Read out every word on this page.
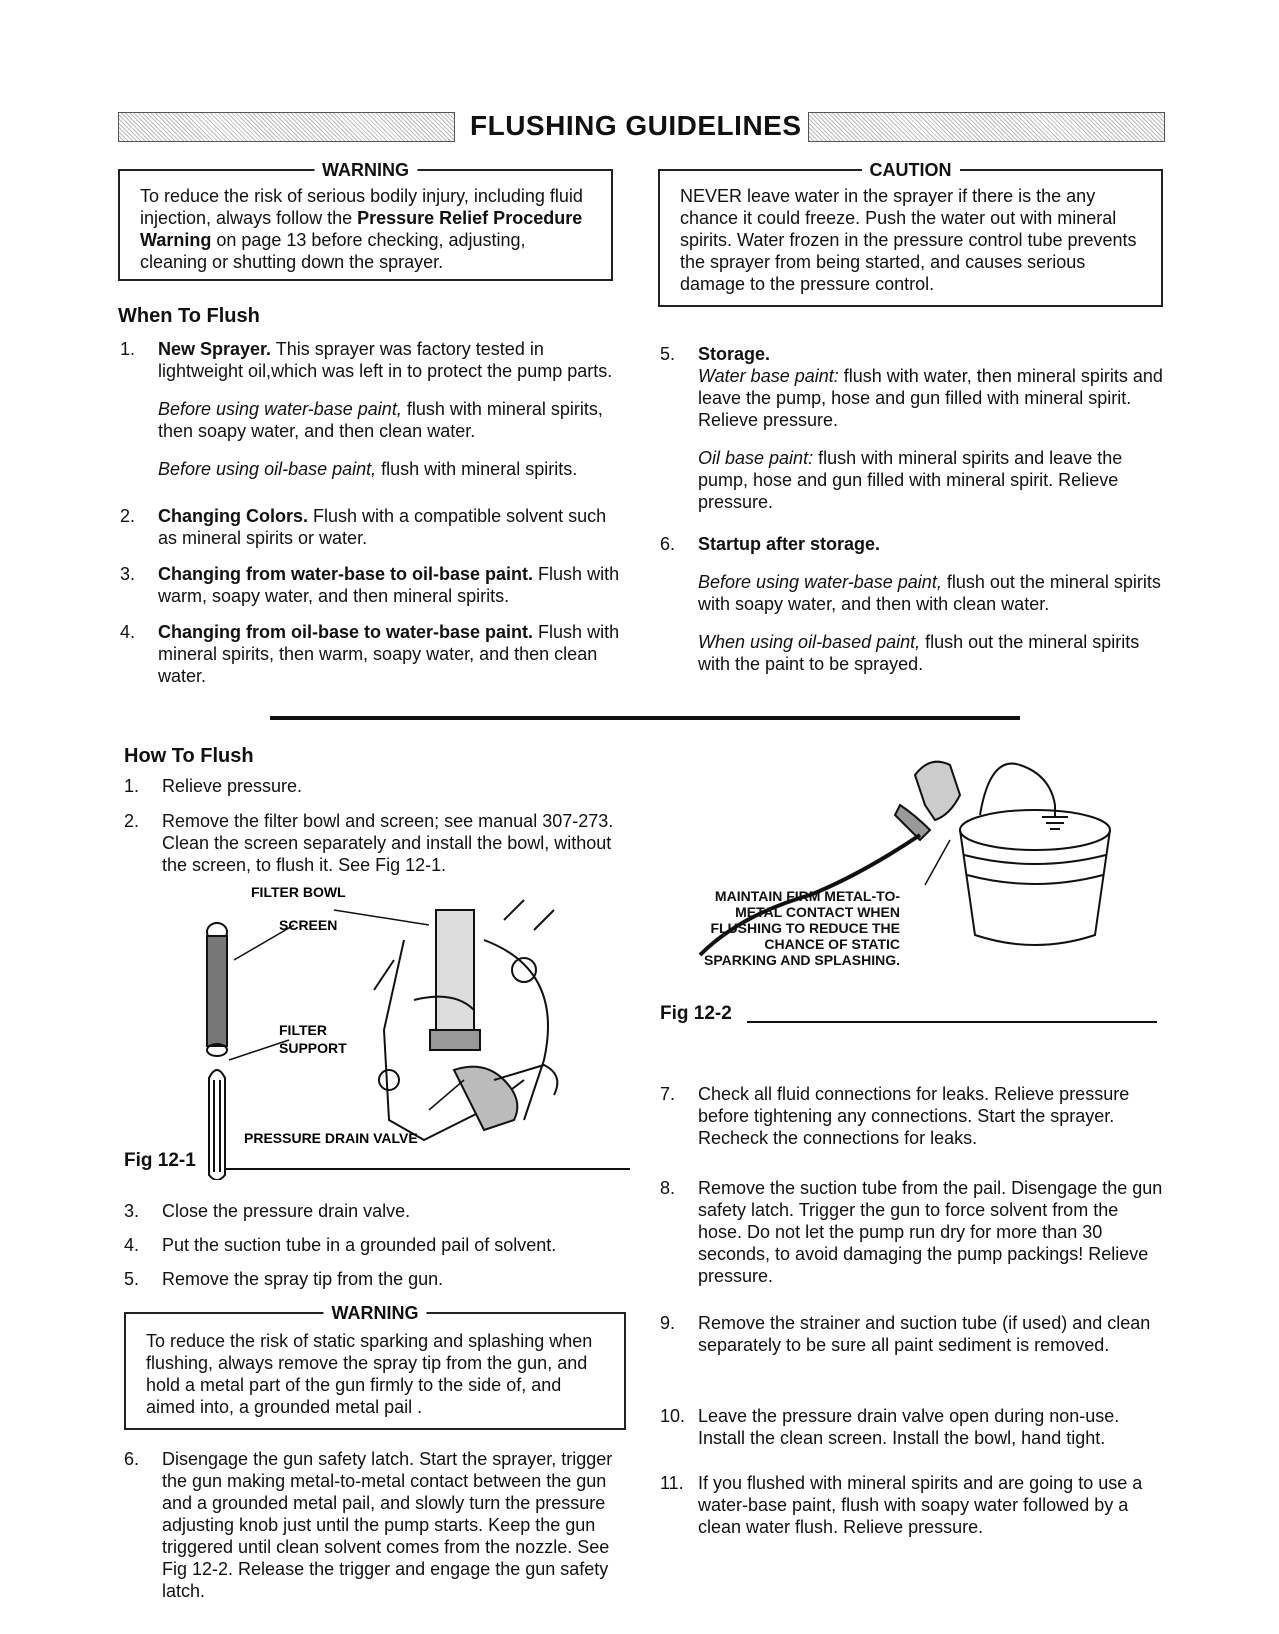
FLUSHING GUIDELINES
WARNING
To reduce the risk of serious bodily injury, including fluid injection, always follow the Pressure Relief Procedure Warning on page 13 before checking, adjusting, cleaning or shutting down the sprayer.
CAUTION
NEVER leave water in the sprayer if there is the any chance it could freeze. Push the water out with mineral spirits. Water frozen in the pressure control tube prevents the sprayer from being started, and causes serious damage to the pressure control.
When To Flush
1. New Sprayer. This sprayer was factory tested in lightweight oil,which was left in to protect the pump parts.
Before using water-base paint, flush with mineral spirits, then soapy water, and then clean water.
Before using oil-base paint, flush with mineral spirits.
2. Changing Colors. Flush with a compatible solvent such as mineral spirits or water.
3. Changing from water-base to oil-base paint. Flush with warm, soapy water, and then mineral spirits.
4. Changing from oil-base to water-base paint. Flush with mineral spirits, then warm, soapy water, and then clean water.
5. Storage.
Water base paint: flush with water, then mineral spirits and leave the pump, hose and gun filled with mineral spirit. Relieve pressure.
Oil base paint: flush with mineral spirits and leave the pump, hose and gun filled with mineral spirit. Relieve pressure.
6. Startup after storage.
Before using water-base paint, flush out the mineral spirits with soapy water, and then with clean water.
When using oil-based paint, flush out the mineral spirits with the paint to be sprayed.
How To Flush
1. Relieve pressure.
2. Remove the filter bowl and screen; see manual 307-273. Clean the screen separately and install the bowl, without the screen, to flush it. See Fig 12-1.
FILTER BOWL
SCREEN
FILTER
SUPPORT
PRESSURE DRAIN VALVE
Fig 12-1
3. Close the pressure drain valve.
4. Put the suction tube in a grounded pail of solvent.
5. Remove the spray tip from the gun.
WARNING
To reduce the risk of static sparking and splashing when flushing, always remove the spray tip from the gun, and hold a metal part of the gun firmly to the side of, and aimed into, a grounded metal pail .
6. Disengage the gun safety latch. Start the sprayer, trigger the gun making metal-to-metal contact between the gun and a grounded metal pail, and slowly turn the pressure adjusting knob just until the pump starts. Keep the gun triggered until clean solvent comes from the nozzle. See Fig 12-2. Release the trigger and engage the gun safety latch.
MAINTAIN FIRM METAL-TO-
METAL CONTACT WHEN
FLUSHING TO REDUCE THE
CHANCE OF STATIC
SPARKING AND SPLASHING.
Fig 12-2
7. Check all fluid connections for leaks. Relieve pressure before tightening any connections. Start the sprayer. Recheck the connections for leaks.
8. Remove the suction tube from the pail. Disengage the gun safety latch. Trigger the gun to force solvent from the hose. Do not let the pump run dry for more than 30 seconds, to avoid damaging the pump packings! Relieve pressure.
9. Remove the strainer and suction tube (if used) and clean separately to be sure all paint sediment is removed.
10. Leave the pressure drain valve open during non-use. Install the clean screen. Install the bowl, hand tight.
11. If you flushed with mineral spirits and are going to use a water-base paint, flush with soapy water followed by a clean water flush. Relieve pressure.
